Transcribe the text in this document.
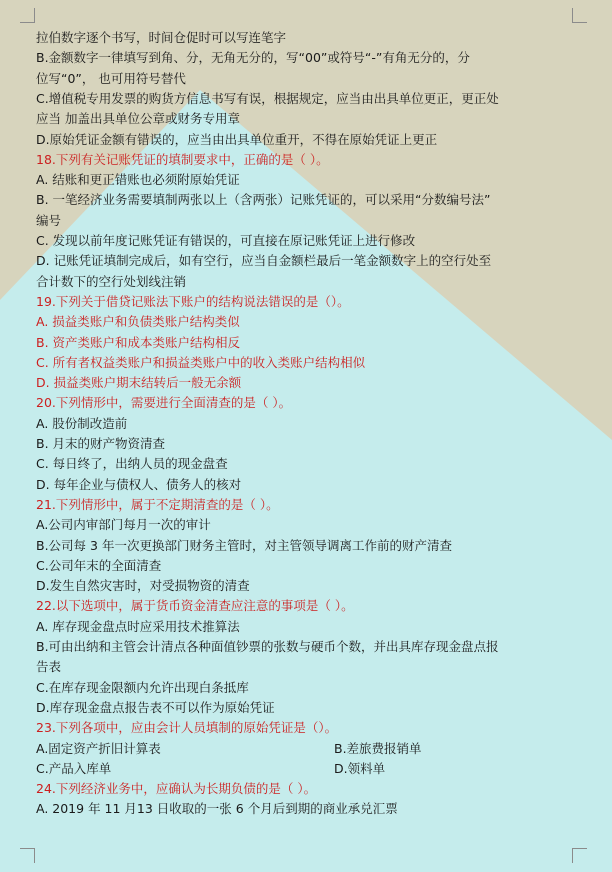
拉伯数字逐个书写，时间仓促时可以写连笔字
B.金额数字一律填写到角、分，无角无分的，写“00”或符号“-”有角无分的，分
位写“0”， 也可用符号替代
C.增值税专用发票的购货方信息书写有误，根据规定，应当由出具单位更正，更正处
应当 加盖出具单位公章或财务专用章
D.原始凭证金额有错误的，应当由出具单位重开，不得在原始凭证上更正
18.下列有关记账凭证的填制要求中，正确的是（ ）。
A. 结账和更正错账也必须附原始凭证
B. 一笔经济业务需要填制两张以上（含两张）记账凭证的，可以采用“分数编号法”
编号
C. 发现以前年度记账凭证有错误的，可直接在原记账凭证上进行修改
D. 记账凭证填制完成后，如有空行，应当自金额栏最后一笔金额数字上的空行处至
合计数下的空行处划线注销
19.下列关于借贷记账法下账户的结构说法错误的是（）。
A. 损益类账户和负债类账户结构类似
B. 资产类账户和成本类账户结构相反
C. 所有者权益类账户和损益类账户中的收入类账户结构相似
D. 损益类账户期末结转后一般无余额
20.下列情形中，需要进行全面清查的是（ ）。
A. 股份制改造前
B. 月末的财产物资清查
C. 每日终了，出纳人员的现金盘查
D. 每年企业与债权人、债务人的核对
21.下列情形中，属于不定期清查的是（ ）。
A.公司内审部门每月一次的审计
B.公司每 3 年一次更换部门财务主管时，对主管领导调离工作前的财产清查
C.公司年末的全面清查
D.发生自然灾害时，对受损物资的清查
22.以下选项中，属于货币资金清查应注意的事项是（ ）。
A. 库存现金盘点时应采用技术推算法
B.可由出纳和主管会计清点各种面值钞票的张数与硬币个数，并出具库存现金盘点报
告表
C.在库存现金限额内允许出现白条抵库
D.库存现金盘点报告表不可以作为原始凭证
23.下列各项中，应由会计人员填制的原始凭证是（）。
A.固定资产折旧计算表	B.差旅费报销单
C.产品入库单	D.领料单
24.下列经济业务中，应确认为长期负债的是（ ）。
A. 2019 年 11 月13 日收取的一张 6 个月后到期的商业承兑汇票
